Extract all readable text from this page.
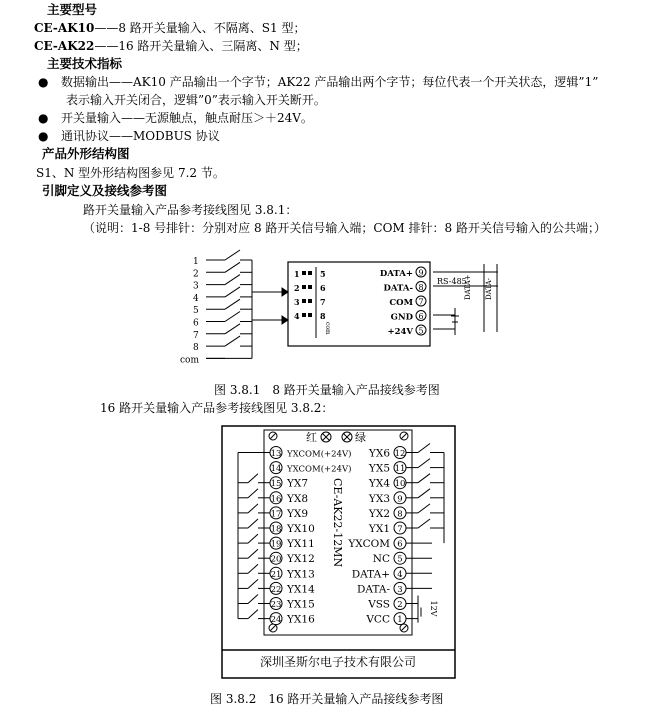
主要型号
CE-AK10——8 路开关量输入、不隔离、S1 型；
CE-AK22——16 路开关量输入、三隔离、N 型；
主要技术指标
● 数据输出——AK10 产品输出一个字节；AK22 产品输出两个字节；每位代表一个开关状态，逻辑”1”
表示输入开关闭合，逻辑”0”表示输入开关断开。
● 开关量输入——无源触点，触点耐压＞＋24V。
● 通讯协议——MODBUS 协议
产品外形结构图
S1、N 型外形结构图参见 7.2 节。
引脚定义及接线参考图
路开关量输入产品参考接线图见 3.8.1：
（说明：1-8 号排针：分别对应 8 路开关信号输入端；COM 排针：8 路开关信号输入的公共端；）
1
2
3
4
5
6
7
8
com
1	5
2	6
3	7
4	8
com
DATA+ 9
DATA- 8
COM 7
GND 6
+24V 5
RS-485
DATA+ DATA-
图 3.8.1　8 路开关量输入产品接线参考图
16 路开关量输入产品参考接线图见 3.8.2：
红	绿
13 YXCOM(+24V)
14 YXCOM(+24V)
15 YX7
16 YX8
17 YX9
18 YX10
19 YX11
20 YX12
21 YX13
22 YX14
23 YX15
24 YX16
YX6 12
YX5 11
YX4 10
YX3 9
YX2 8
YX1 7
YXCOM 6
NC 5
DATA+ 4
DATA- 3
VSS 2
VCC 1
CE-AK22-12MN
深圳圣斯尔电子技术有限公司
12V
图 3.8.2　16 路开关量输入产品接线参考图
